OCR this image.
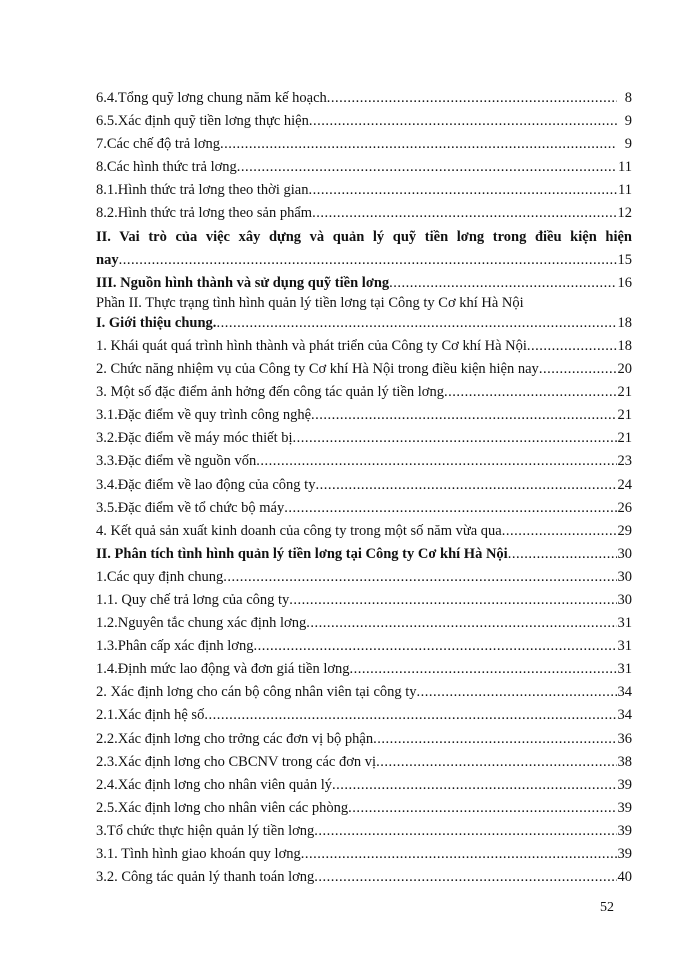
6.4.Tổng quỹ lơng chung năm kế hoạch .....	8
6.5.Xác định quỹ tiền lơng thực hiện .....	9
7.Các chế độ trả lơng .....	9
8.Các hình thức trả lơng .....	11
8.1.Hình thức trả lơng theo thời gian .....	11
8.2.Hình thức trả lơng theo sản phẩm .....	12
II. Vai trò của việc xây dựng và quản lý quỹ tiền lơng trong điều kiện hiện
nay .....	15
III. Nguồn hình thành và sử dụng quỹ tiền lơng .....	16
Phần II. Thực trạng tình hình quản lý tiền lơng tại Công ty Cơ khí Hà Nội
I. Giới thiệu chung. .....	18
1. Khái quát quá trình hình thành và phát triển của Công ty Cơ khí Hà Nội .....	18
2. Chức năng nhiệm vụ của Công ty Cơ khí Hà Nội trong điều kiện hiện nay .....	20
3. Một số đặc điểm ảnh hởng đến công tác quản lý tiền lơng .....	21
3.1.Đặc điểm về quy trình công nghệ .....	21
3.2.Đặc điểm về máy móc thiết bị .....	21
3.3.Đặc điểm về nguồn vốn .....	23
3.4.Đặc điểm về lao động của công ty .....	24
3.5.Đặc điểm về tổ chức bộ máy .....	26
4. Kết quả sản xuất kinh doanh của công ty trong một số năm vừa qua .....	29
II. Phân tích tình hình quản lý tiền lơng tại Công ty Cơ khí Hà Nội .....	30
1.Các quy định chung .....	30
1.1. Quy chế trả lơng của công ty .....	30
1.2.Nguyên tắc chung xác định lơng .....	31
1.3.Phân cấp xác định lơng .....	31
1.4.Định mức lao động và đơn giá tiền lơng .....	31
2. Xác định lơng cho cán bộ công nhân viên tại công ty .....	34
2.1.Xác định hệ số .....	34
2.2.Xác định lơng cho trởng các đơn vị bộ phận .....	36
2.3.Xác định lơng cho CBCNV trong các đơn vị .....	38
2.4.Xác định lơng cho nhân viên quản lý .....	39
2.5.Xác định lơng cho nhân viên các phòng .....	39
3.Tổ chức thực hiện quản lý tiền lơng .....	39
3.1. Tình hình giao khoán quy lơng .....	39
3.2. Công tác quản lý thanh toán lơng .....	40
52
